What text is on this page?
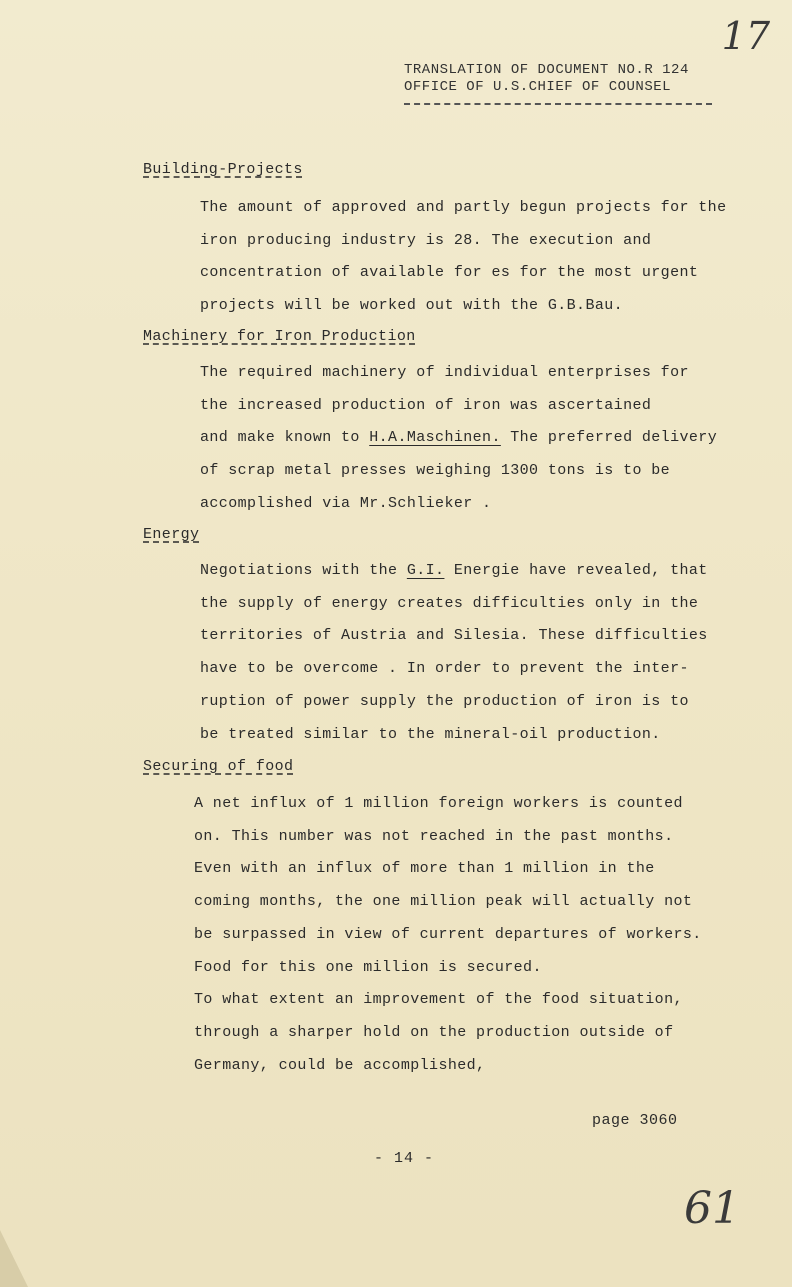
17
TRANSLATION OF DOCUMENT NO.R 124
OFFICE OF U.S.CHIEF OF COUNSEL
Building-Projects
The amount of approved and partly begun projects for the
iron producing industry is 28. The execution and
concentration of available for es for the most urgent
projects will be worked out with the G.B.Bau.
Machinery for Iron Production
The required machinery of individual enterprises for
the increased production of iron was ascertained
and make known to H.A.Maschinen. The preferred delivery
of scrap metal presses weighing 1300 tons is to be
accomplished via Mr.Schlieker .
Energy
Negotiations with the G.I. Energie have revealed, that
the supply of energy creates difficulties only in the
territories of Austria and Silesia. These difficulties
have to be overcome . In order to prevent the inter-
ruption of power supply the production of iron is to
be treated similar to the mineral-oil production.
Securing of food
A net influx of 1 million foreign workers is counted
on. This number was not reached in the past months.
Even with an influx of more than 1 million in the
coming months, the one million peak will actually not
be surpassed in view of current departures of workers.
Food for this one million is secured.
To what extent an improvement of the food situation,
through a sharper hold on the production outside of
Germany, could be accomplished,
page 3060
- 14 -
61
